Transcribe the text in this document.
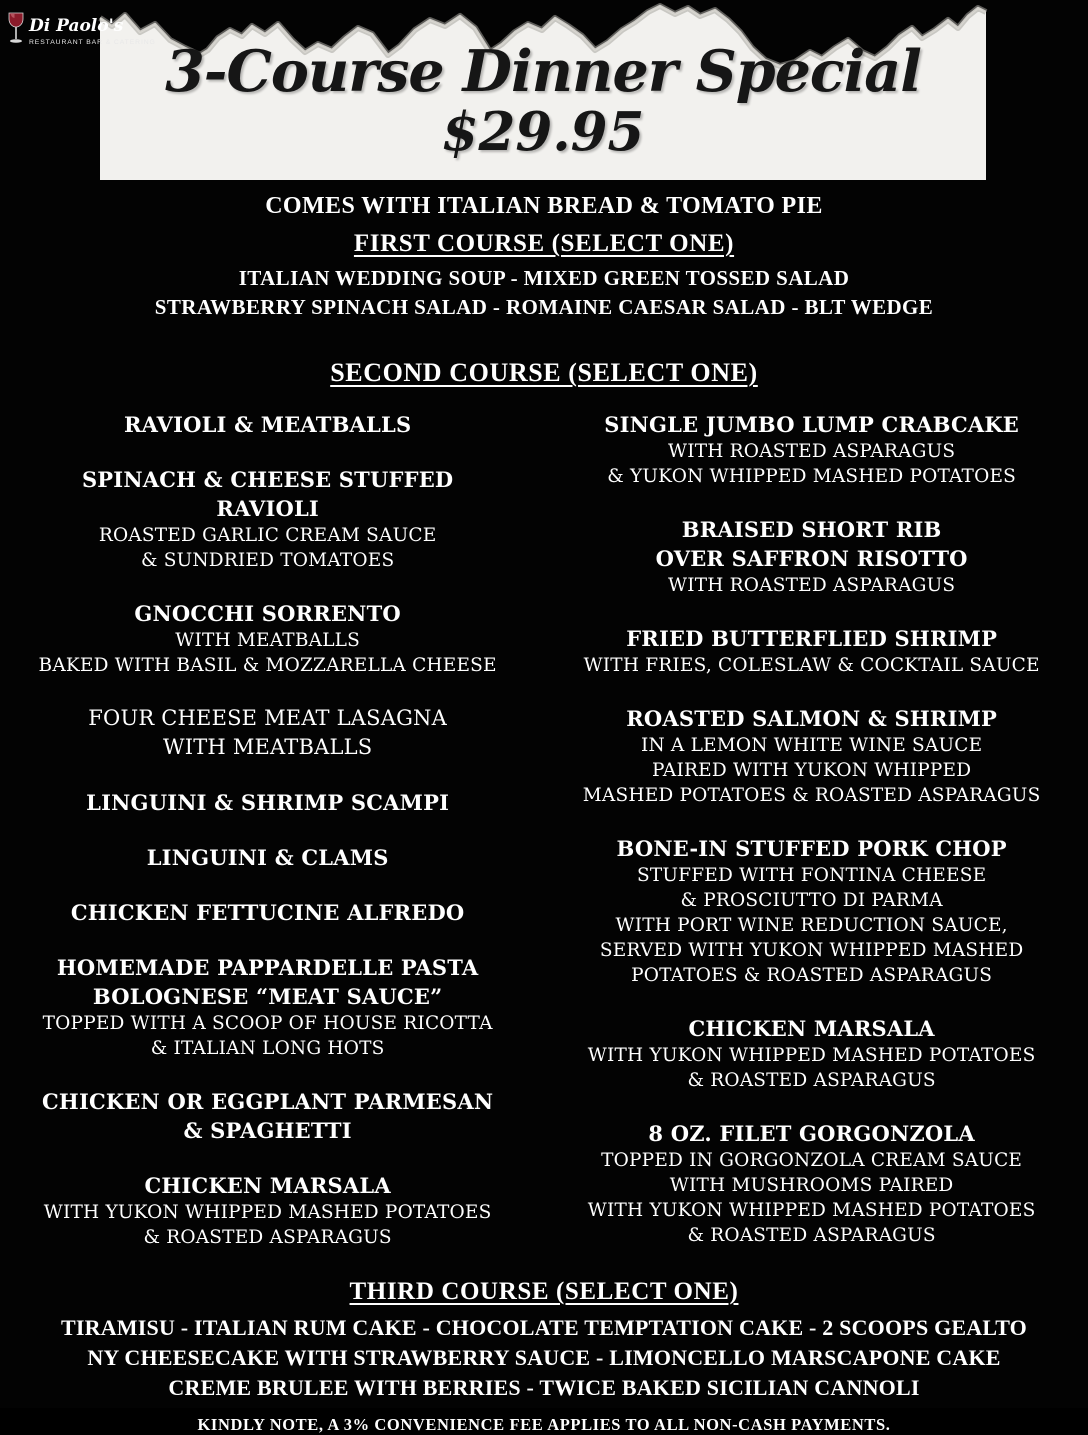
Di Paolo's
RESTAURANT BAR & CATERING 3-Course Dinner Special
$29.95
COMES WITH ITALIAN BREAD & TOMATO PIE
FIRST COURSE (SELECT ONE)
ITALIAN WEDDING SOUP - MIXED GREEN TOSSED SALAD
STRAWBERRY SPINACH SALAD - ROMAINE CAESAR SALAD - BLT WEDGE
SECOND COURSE (SELECT ONE)
RAVIOLI & MEATBALLS
SPINACH & CHEESE STUFFED
RAVIOLI
ROASTED GARLIC CREAM SAUCE
& SUNDRIED TOMATOES
GNOCCHI SORRENTO
WITH MEATBALLS
BAKED WITH BASIL & MOZZARELLA CHEESE
FOUR CHEESE MEAT LASAGNA
WITH MEATBALLS
LINGUINI & SHRIMP SCAMPI
LINGUINI & CLAMS
CHICKEN FETTUCINE ALFREDO
HOMEMADE PAPPARDELLE PASTA
BOLOGNESE “MEAT SAUCE”
TOPPED WITH A SCOOP OF HOUSE RICOTTA
& ITALIAN LONG HOTS
CHICKEN OR EGGPLANT PARMESAN
& SPAGHETTI
CHICKEN MARSALA
WITH YUKON WHIPPED MASHED POTATOES
& ROASTED ASPARAGUS
SINGLE JUMBO LUMP CRABCAKE
WITH ROASTED ASPARAGUS
& YUKON WHIPPED MASHED POTATOES
BRAISED SHORT RIB
OVER SAFFRON RISOTTO
WITH ROASTED ASPARAGUS
FRIED BUTTERFLIED SHRIMP
WITH FRIES, COLESLAW & COCKTAIL SAUCE
ROASTED SALMON & SHRIMP
IN A LEMON WHITE WINE SAUCE
PAIRED WITH YUKON WHIPPED
MASHED POTATOES & ROASTED ASPARAGUS
BONE-IN STUFFED PORK CHOP
STUFFED WITH FONTINA CHEESE
& PROSCIUTTO DI PARMA
WITH PORT WINE REDUCTION SAUCE,
SERVED WITH YUKON WHIPPED MASHED
POTATOES & ROASTED ASPARAGUS
CHICKEN MARSALA
WITH YUKON WHIPPED MASHED POTATOES
& ROASTED ASPARAGUS
8 OZ. FILET GORGONZOLA
TOPPED IN GORGONZOLA CREAM SAUCE
WITH MUSHROOMS PAIRED
WITH YUKON WHIPPED MASHED POTATOES
& ROASTED ASPARAGUS
THIRD COURSE (SELECT ONE)
TIRAMISU - ITALIAN RUM CAKE - CHOCOLATE TEMPTATION CAKE - 2 SCOOPS GEALTO
NY CHEESECAKE WITH STRAWBERRY SAUCE - LIMONCELLO MARSCAPONE CAKE
CREME BRULEE WITH BERRIES - TWICE BAKED SICILIAN CANNOLI
KINDLY NOTE, A 3% CONVENIENCE FEE APPLIES TO ALL NON-CASH PAYMENTS.
